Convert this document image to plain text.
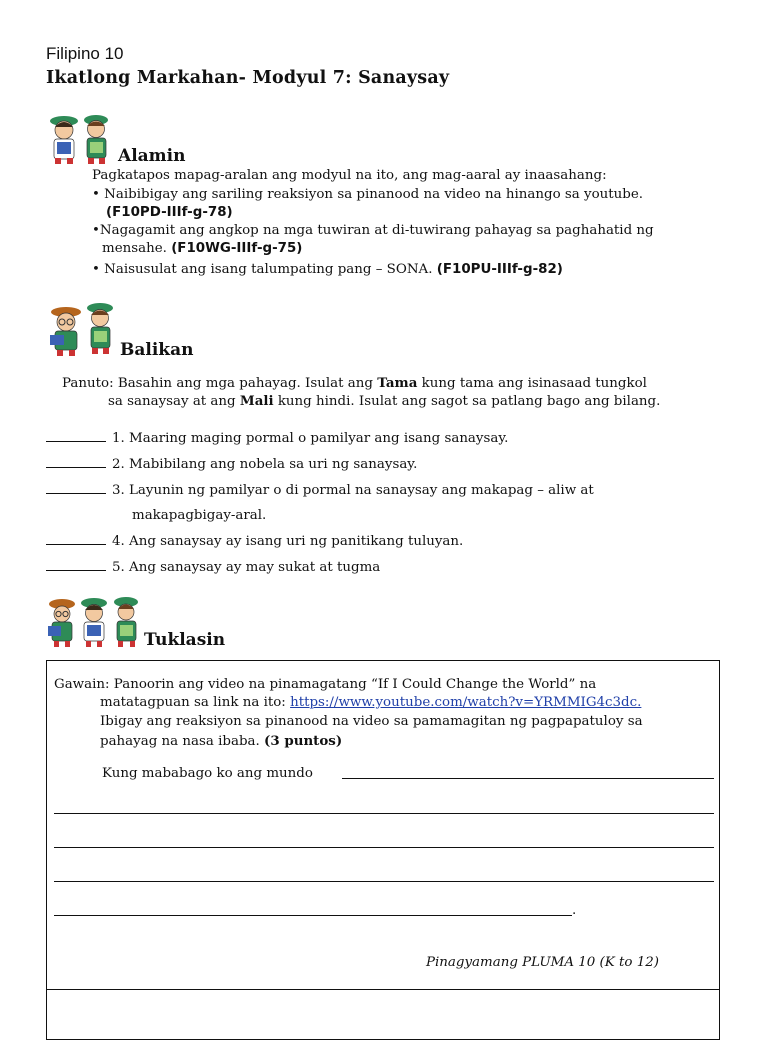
Filipino 10
Ikatlong Markahan- Modyul 7: Sanaysay
Alamin
Pagkatapos mapag-aralan ang modyul na ito, ang mag-aaral ay inaasahang:
• Naibibigay ang sariling reaksiyon sa pinanood na video na hinango sa youtube.
(F10PD-IIIf-g-78)
•Nagagamit ang angkop na mga tuwiran at di-tuwirang pahayag sa paghahatid ng
mensahe. (F10WG-IIIf-g-75)
• Naisusulat ang isang talumpating pang – SONA. (F10PU-IIIf-g-82)
Balikan
Panuto: Basahin ang mga pahayag. Isulat ang Tama kung tama ang isinasaad tungkol
sa sanaysay at ang Mali kung hindi. Isulat ang sagot sa patlang bago ang bilang.
1. Maaring maging pormal o pamilyar ang isang sanaysay.
2. Mabibilang ang nobela sa uri ng sanaysay.
3. Layunin ng pamilyar o di pormal na sanaysay ang makapag – aliw at
makapagbigay-aral.
4. Ang sanaysay ay isang uri ng panitikang tuluyan.
5. Ang sanaysay ay may sukat at tugma
Tuklasin
Gawain: Panoorin ang video na pinamagatang “If I Could Change the World” na
matatagpuan sa link na ito: https://www.youtube.com/watch?v=YRMMIG4c3dc.
Ibigay ang reaksiyon sa pinanood na video sa pamamagitan ng pagpapatuloy sa
pahayag na nasa ibaba. (3 puntos)
Kung mababago ko ang mundo
.
Pinagyamang PLUMA 10 (K to 12)
